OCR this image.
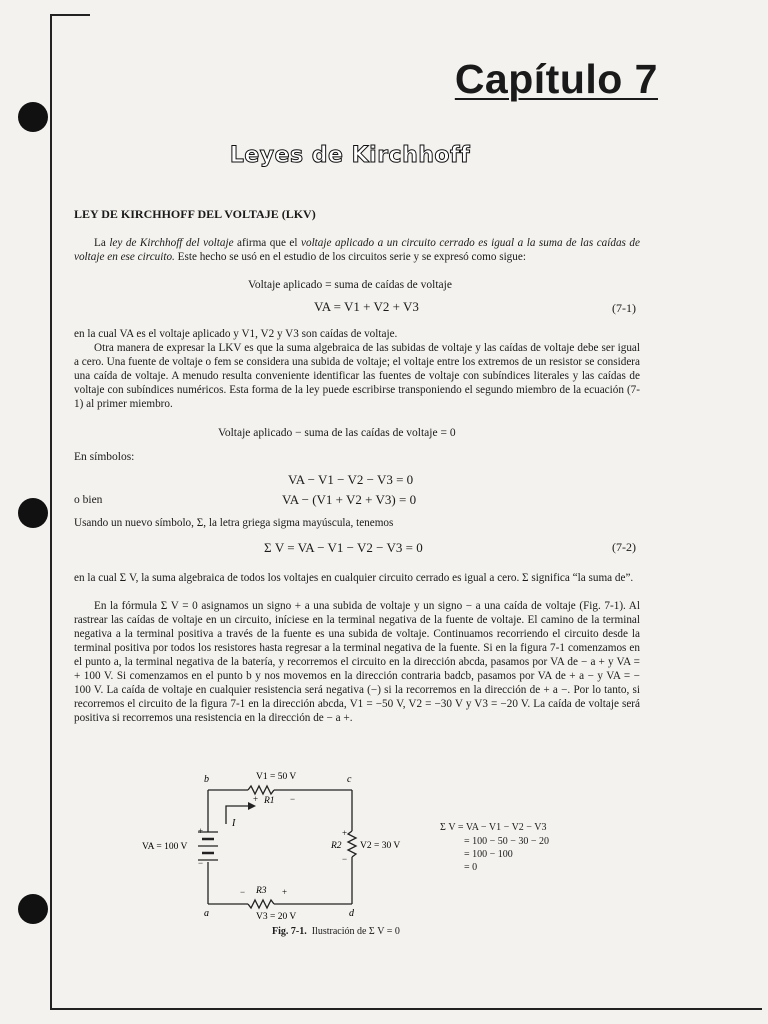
Capítulo 7
Leyes de Kirchhoff
LEY DE KIRCHHOFF DEL VOLTAJE (LKV)

La ley de Kirchhoff del voltaje afirma que el voltaje aplicado a un circuito cerrado es igual a la suma de las caídas de voltaje en ese circuito. Este hecho se usó en el estudio de los circuitos serie y se expresó como sigue:

Voltaje aplicado = suma de caídas de voltaje
VA = V1 + V2 + V3	(7-1)
en la cual VA es el voltaje aplicado y V1, V2 y V3 son caídas de voltaje.

Otra manera de expresar la LKV es que la suma algebraica de las subidas de voltaje y las caídas de voltaje debe ser igual a cero. Una fuente de voltaje o fem se considera una subida de voltaje; el voltaje entre los extremos de un resistor se considera una caída de voltaje. A menudo resulta conveniente identificar las fuentes de voltaje con subíndices literales y las caídas de voltaje con subíndices numéricos. Esta forma de la ley puede escribirse transponiendo el segundo miembro de la ecuación (7-1) al primer miembro.

Voltaje aplicado − suma de las caídas de voltaje = 0
En símbolos:
VA − V1 − V2 − V3 = 0
o bien	VA − (V1 + V2 + V3) = 0
Usando un nuevo símbolo, Σ, la letra griega sigma mayúscula, tenemos
Σ V = VA − V1 − V2 − V3 = 0	(7-2)
en la cual Σ V, la suma algebraica de todos los voltajes en cualquier circuito cerrado es igual a cero. Σ significa “la suma de”.

En la fórmula Σ V = 0 asignamos un signo + a una subida de voltaje y un signo − a una caída de voltaje (Fig. 7-1). Al rastrear las caídas de voltaje en un circuito, iníciese en la terminal negativa de la fuente de voltaje. El camino de la terminal negativa a la terminal positiva a través de la fuente es una subida de voltaje. Continuamos recorriendo el circuito desde la terminal positiva por todos los resistores hasta regresar a la terminal negativa de la fuente. Si en la figura 7-1 comenzamos en el punto a, la terminal negativa de la batería, y recorremos el circuito en la dirección abcda, pasamos por VA de − a + y VA = + 100 V. Si comenzamos en el punto b y nos movemos en la dirección contraria badcb, pasamos por VA de + a − y VA = − 100 V. La caída de voltaje en cualquier resistencia será negativa (−) si la recorremos en la dirección de + a −. Por lo tanto, si recorremos el circuito de la figura 7-1 en la dirección abcda, V1 = −50 V, V2 = −30 V y V3 = −20 V. La caída de voltaje será positiva si recorremos una resistencia en la dirección de − a +.

b	c
a	d
V1 = 50 V
R1
+	−
I
R2 V2 = 30 V
+
−
VA = 100 V
+
−
R3
−	+
V3 = 20 V
Σ V = VA − V1 − V2 − V3
= 100 − 50 − 30 − 20
= 100 − 100
= 0
Fig. 7-1. Ilustración de Σ V = 0
